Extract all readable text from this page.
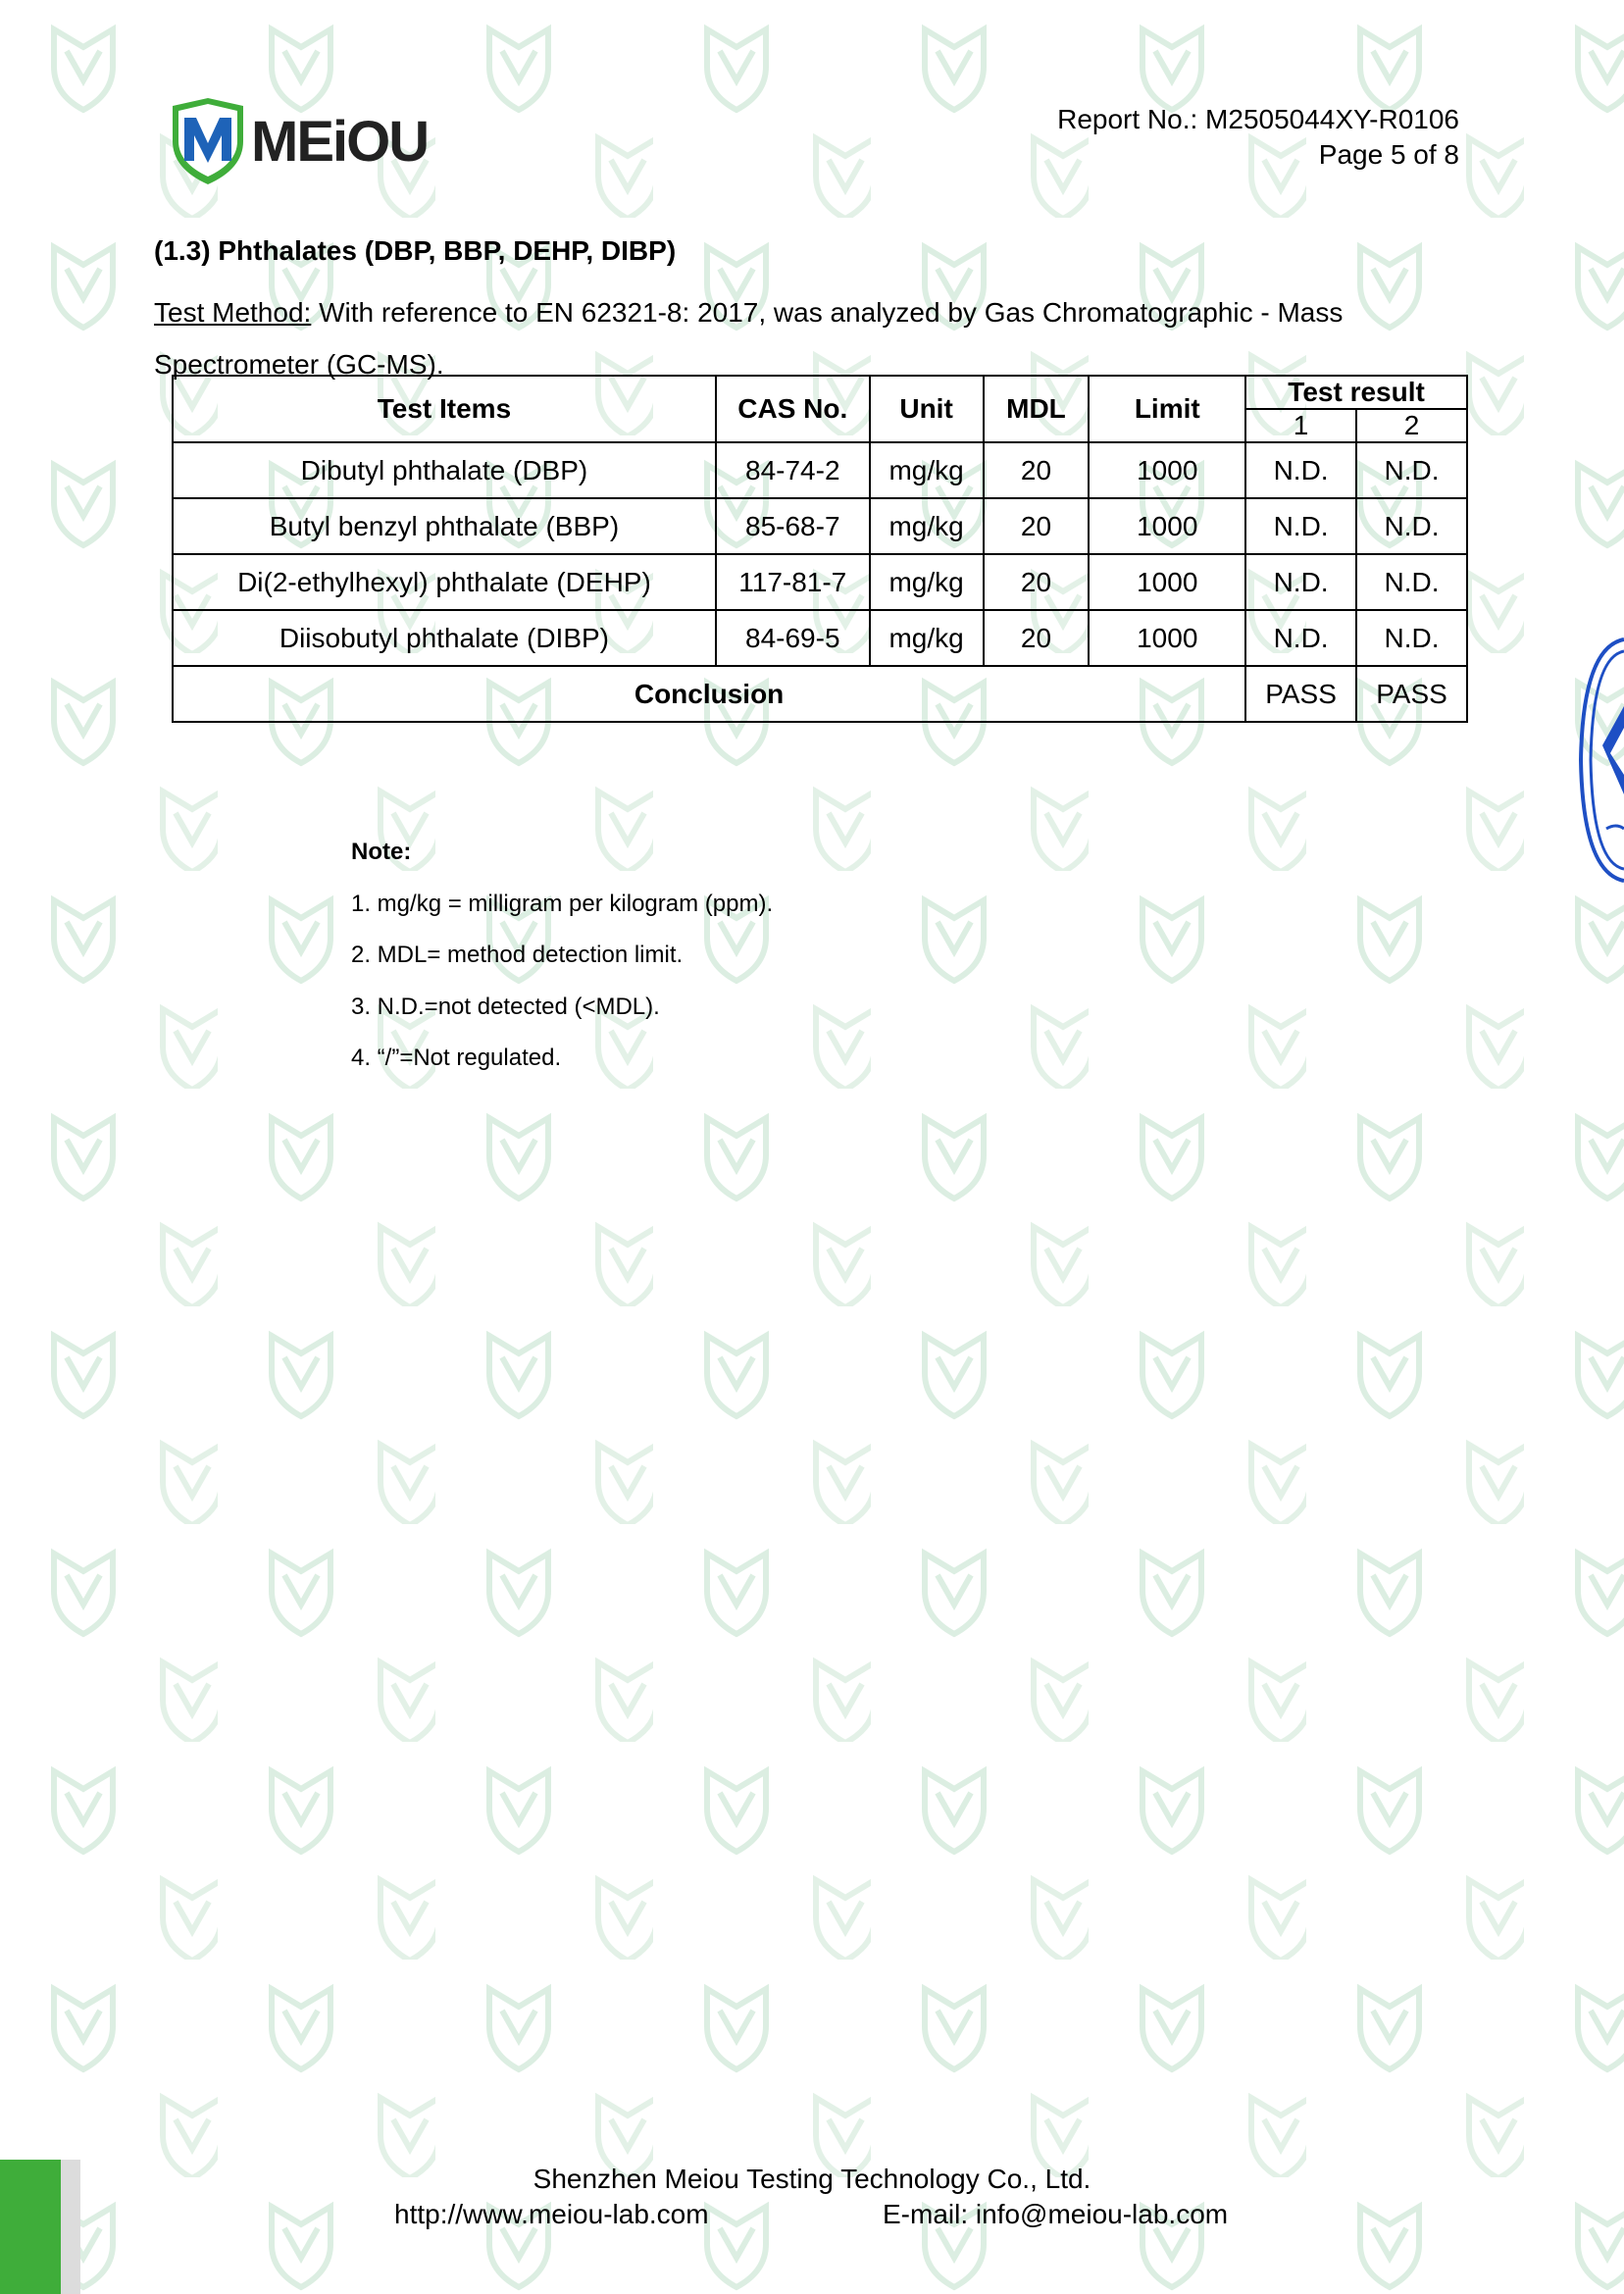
MEiOU	Report No.: M2505044XY-R0106
Page 5 of 8
(1.3) Phthalates (DBP, BBP, DEHP, DIBP)
Test Method: With reference to EN 62321-8: 2017, was analyzed by Gas Chromatographic - Mass Spectrometer (GC-MS).
Test Items	CAS No.	Unit	MDL	Limit	Test result	
					1	2
Dibutyl phthalate (DBP)	84-74-2	mg/kg	20	1000	N.D.	N.D.
Butyl benzyl phthalate (BBP)	85-68-7	mg/kg	20	1000	N.D.	N.D.
Di(2-ethylhexyl) phthalate (DEHP)	117-81-7	mg/kg	20	1000	N.D.	N.D.
Diisobutyl phthalate (DIBP)	84-69-5	mg/kg	20	1000	N.D.	N.D.
Conclusion					PASS	PASS
Note:
1. mg/kg = milligram per kilogram (ppm).
2. MDL= method detection limit.
3. N.D.=not detected (<MDL).
4. “/”=Not regulated.
Shenzhen Meiou Testing Technology Co., Ltd.
http://www.meiou-lab.com	E-mail: info@meiou-lab.com
